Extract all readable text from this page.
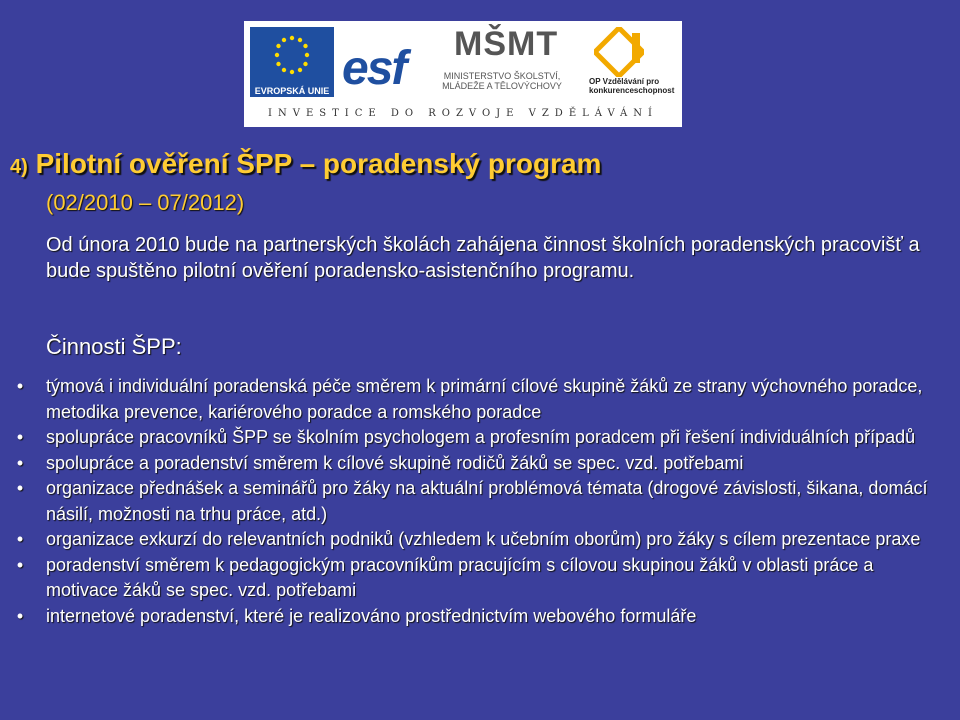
EVROPSKÁ UNIE esf MŠMT
MINISTERSTVO ŠKOLSTVÍ, MLÁDEŽE A TĚLOVÝCHOVY	OP Vzdělávání pro konkurenceschopnost
INVESTICE DO ROZVOJE VZDĚLÁVÁNÍ
4) Pilotní ověření ŠPP – poradenský program
(02/2010 – 07/2012)
Od února 2010 bude na partnerských školách zahájena činnost školních poradenských pracovišť a bude spuštěno pilotní ověření poradensko-asistenčního programu.
Činnosti ŠPP:
•	týmová i individuální poradenská péče směrem k primární cílové skupině žáků ze strany výchovného poradce, metodika prevence, kariérového poradce a romského poradce
•	spolupráce pracovníků ŠPP se školním psychologem a profesním poradcem při řešení individuálních případů
•	spolupráce a poradenství směrem k cílové skupině rodičů žáků se spec. vzd. potřebami
•	organizace přednášek a seminářů pro žáky na aktuální problémová témata (drogové závislosti, šikana, domácí násilí, možnosti na trhu práce, atd.)
•	organizace exkurzí do relevantních podniků (vzhledem k učebním oborům) pro žáky s cílem prezentace praxe
•	poradenství směrem k pedagogickým pracovníkům pracujícím s cílovou skupinou žáků v oblasti práce a motivace žáků se spec. vzd. potřebami
•	internetové poradenství, které je realizováno prostřednictvím webového formuláře
